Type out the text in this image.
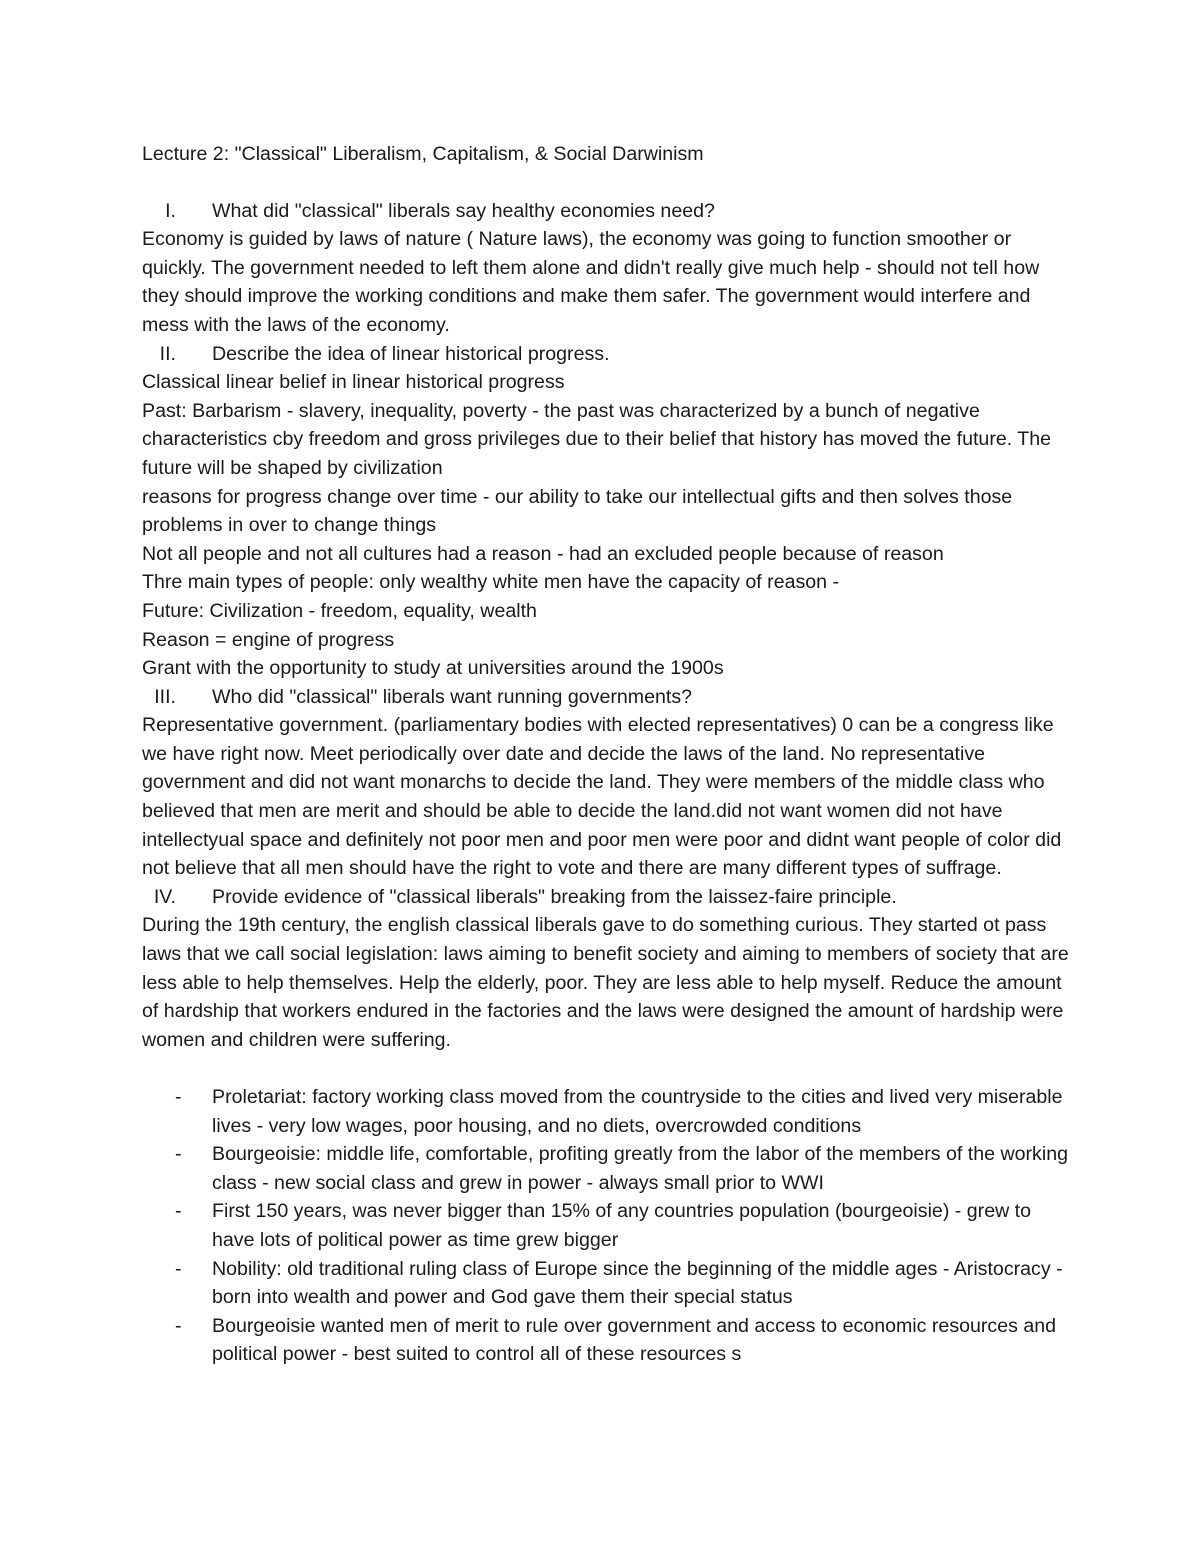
Lecture 2: "Classical" Liberalism, Capitalism, & Social Darwinism
I.	What did "classical" liberals say healthy economies need?

Economy is guided by laws of nature ( Nature laws), the economy was going to function smoother or quickly. The government needed to left them alone and didn't really give much help - should not tell how they should improve the working conditions and make them safer. The government would interfere and mess with the laws of the economy.

II.	Describe the idea of linear historical progress.

Classical linear belief in linear historical progress

Past: Barbarism - slavery, inequality, poverty - the past was characterized by a bunch of negative characteristics cby freedom and gross privileges due to their belief that history has moved the future. The future will be shaped by civilization

reasons for progress change over time - our ability to take our intellectual gifts and then solves those problems in over to change things

Not all people and not all cultures had a reason - had an excluded people because of reason

Thre main types of people: only wealthy white men have the capacity of reason -

Future: Civilization - freedom, equality, wealth

Reason = engine of progress

Grant with the opportunity to study at universities around the 1900s

III.	Who did "classical" liberals want running governments?

Representative government. (parliamentary bodies with elected representatives) 0 can be a congress like we have right now. Meet periodically over date and decide the laws of the land. No representative government and did not want monarchs to decide the land. They were members of the middle class who believed that men are merit and should be able to decide the land.did not want women did not have intellectyual space and definitely not poor men and poor men were poor and didnt want people of color did not believe that all men should have the right to vote and there are many different types of suffrage.

IV.	Provide evidence of "classical liberals" breaking from the laissez-faire principle.

During the 19th century, the english classical liberals gave to do something curious. They started ot pass laws that we call social legislation: laws aiming to benefit society and aiming to members of society that are less able to help themselves. Help the elderly, poor. They are less able to help myself. Reduce the amount of hardship that workers endured in the factories and the laws were designed the amount of hardship were women and children were suffering.

-	Proletariat: factory working class moved from the countryside to the cities and lived very miserable lives - very low wages, poor housing, and no diets, overcrowded conditions
-	Bourgeoisie: middle life, comfortable, profiting greatly from the labor of the members of the working class - new social class and grew in power - always small prior to WWI
-	First 150 years, was never bigger than 15% of any countries population (bourgeoisie) - grew to have lots of political power as time grew bigger
-	Nobility: old traditional ruling class of Europe since the beginning of the middle ages - Aristocracy - born into wealth and power and God gave them their special status
-	Bourgeoisie wanted men of merit to rule over government and access to economic resources and political power - best suited to control all of these resources s
